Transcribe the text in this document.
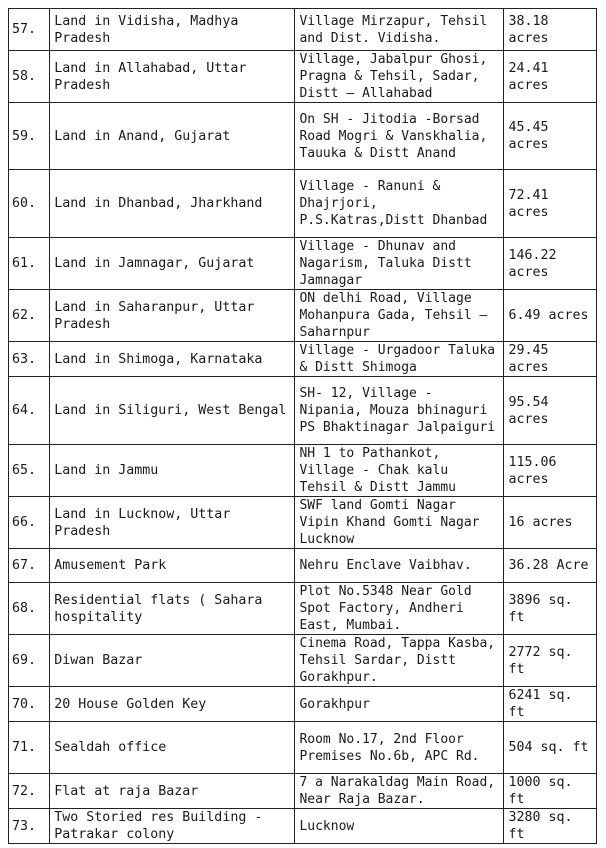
57.	Land in Vidisha, Madhya Pradesh	Village Mirzapur, Tehsil and Dist. Vidisha.	38.18 acres
58.	Land in Allahabad, Uttar Pradesh	Village, Jabalpur Ghosi, Pragna & Tehsil, Sadar, Distt – Allahabad	24.41 acres
59.	Land in Anand, Gujarat	On SH - Jitodia -Borsad Road Mogri & Vanskhalia, Tauuka & Distt Anand	45.45 acres
60.	Land in Dhanbad, Jharkhand	Village - Ranuni & Dhajrjori, P.S.Katras,Distt Dhanbad	72.41 acres
61.	Land in Jamnagar, Gujarat	Village - Dhunav and Nagarism, Taluka Distt Jamnagar	146.22 acres
62.	Land in Saharanpur, Uttar Pradesh	ON delhi Road, Village Mohanpura Gada, Tehsil – Saharnpur	6.49 acres
63.	Land in Shimoga, Karnataka	Village - Urgadoor Taluka & Distt Shimoga	29.45 acres
64.	Land in Siliguri, West Bengal	SH- 12, Village - Nipania, Mouza bhinaguri PS Bhaktinagar Jalpaiguri	95.54 acres
65.	Land in Jammu	NH 1 to Pathankot, Village - Chak kalu Tehsil & Distt Jammu	115.06 acres
66.	Land in Lucknow, Uttar Pradesh	SWF land Gomti Nagar Vipin Khand Gomti Nagar Lucknow	16 acres
67.	Amusement Park	Nehru Enclave Vaibhav.	36.28 Acre
68.	Residential flats ( Sahara hospitality	Plot No.5348 Near Gold Spot Factory, Andheri East, Mumbai.	3896 sq. ft
69.	Diwan Bazar	Cinema Road, Tappa Kasba, Tehsil Sardar, Distt Gorakhpur.	2772 sq. ft
70.	20 House Golden Key	Gorakhpur	6241 sq. ft
71.	Sealdah office	Room No.17, 2nd Floor Premises No.6b, APC Rd.	504 sq. ft
72.	Flat at raja Bazar	7 a Narakaldag Main Road, Near Raja Bazar.	1000 sq. ft
73.	Two Storied res Building - Patrakar colony	Lucknow	3280 sq. ft
